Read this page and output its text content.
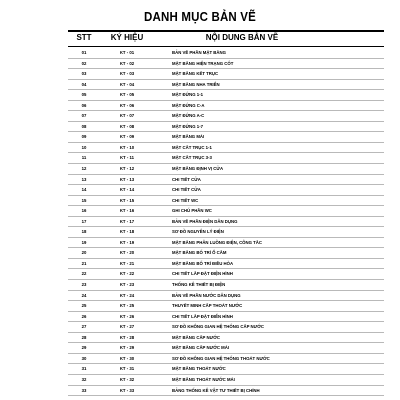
DANH MỤC BẢN VẼ
STT	KÝ HIỆU	NỘI DUNG BẢN VẼ
01	KT - 01	BẢN VẼ PHẦN MẶT BẰNG
02	KT - 02	MẶT BẰNG HIỆN TRẠNG CỐT
03	KT - 03	MẶT BẰNG KẾT TRỤC
04	KT - 04	MẶT BẰNG NHA TRIỂN
05	KT - 05	MẶT ĐỨNG 1-1
06	KT - 06	MẶT ĐỨNG C-A
07	KT - 07	MẶT ĐỨNG A-C
08	KT - 08	MẶT ĐỨNG 1-7
09	KT - 09	MẶT BẰNG MÁI
10	KT - 10	MẶT CẮT TRỤC 1-1
11	KT - 11	MẶT CẮT TRỤC 3-3
12	KT - 12	MẶT BẰNG ĐỊNH VỊ CỬA
13	KT - 13	CHI TIẾT CỬA
14	KT - 14	CHI TIẾT CỬA
15	KT - 15	CHI TIẾT WC
16	KT - 16	GHI CHÚ PHẦN WC
17	KT - 17	BẢN VẼ PHẦN ĐIỆN DÂN DỤNG
18	KT - 18	SƠ ĐỒ NGUYÊN LÝ ĐIỆN
19	KT - 19	MẶT BẰNG PHÂN LUỒNG ĐIỆN, CÔNG TẮC
20	KT - 20	MẶT BẰNG BỐ TRÍ Ổ CẮM
21	KT - 21	MẶT BẰNG BỐ TRÍ ĐIỀU HÒA
22	KT - 22	CHI TIẾT LẮP ĐẶT ĐIỆN HÌNH
23	KT - 23	THỐNG KÊ THIẾT BỊ ĐIỆN
24	KT - 24	BẢN VẼ PHẦN NƯỚC DÂN DỤNG
25	KT - 25	THUYẾT MINH CẤP THOÁT NƯỚC
26	KT - 26	CHI TIẾT LẮP ĐẶT ĐIỂN HÌNH
27	KT - 27	SƠ ĐỒ KHÔNG GIAN HỆ THỐNG CẤP NƯỚC
28	KT - 28	MẶT BẰNG CẤP NƯỚC
29	KT - 29	MẶT BẰNG CẤP NƯỚC MÁI
30	KT - 30	SƠ ĐỒ KHÔNG GIAN HỆ THỐNG THOÁT NƯỚC
31	KT - 31	MẶT BẰNG THOÁT NƯỚC
32	KT - 32	MẶT BẰNG THOÁT NƯỚC MÁI
33	KT - 33	BẢNG THỐNG KÊ VẬT TƯ THIẾT BỊ CHÍNH
